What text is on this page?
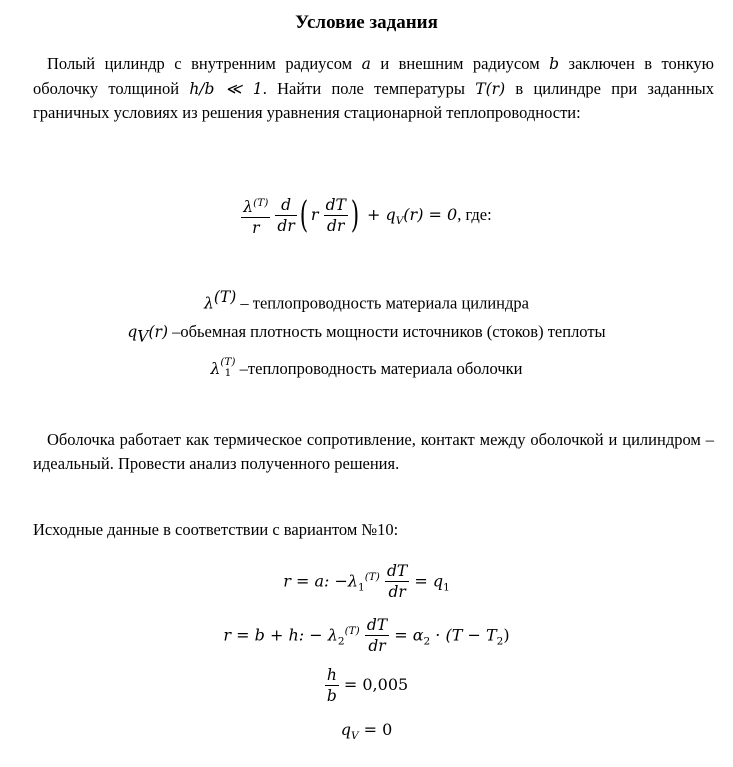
Условие задания
Полый цилиндр с внутренним радиусом a и внешним радиусом b заключен в тонкую оболочку толщиной h/b ≪ 1. Найти поле температуры T(r) в цилиндре при заданных граничных условиях из решения уравнения стационарной теплопроводности:
$\frac{\lambda^{(T)}}{r}$
$\frac{d}{dr}$ ( r $\frac{dT}{dr}$ ) + $q_V(r) = 0$, где:
$\lambda^{(T)}$ – теплопроводность материала цилиндра
$q_V(r)$ –обьемная плотность мощности источников (стоков) теплоты
λ (T)
1 –теплопроводность материала оболочки
Оболочка работает как термическое сопротивление, контакт между оболочкой и цилиндром – идеальный. Провести анализ полученного решения.
Исходные данные в соответствии с вариантом №10:
r = a: $-\lambda_1^{(T)} \frac{dT}{dr} = q_1$
r = b + h: − $\lambda_2^{(T)} \frac{dT}{dr} = \alpha_2 \cdot (T - T_2)$
$\frac{h}{b} = 0,005$
$q_V = 0$
